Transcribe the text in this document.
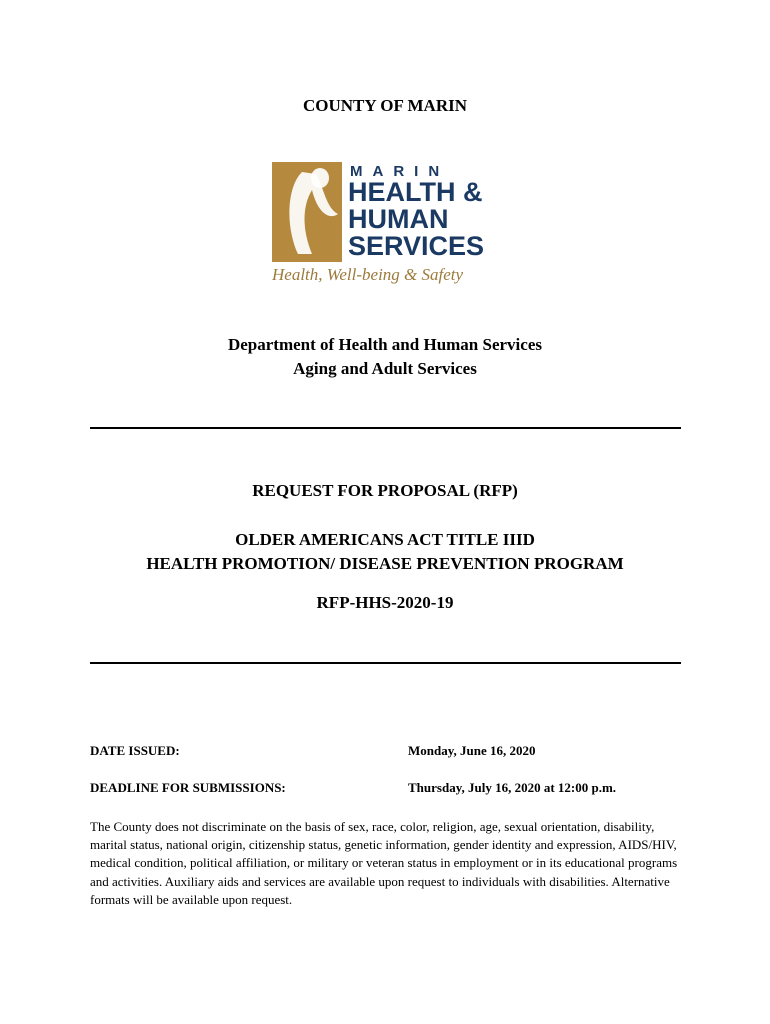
COUNTY OF MARIN
MARIN
HEALTH &
HUMAN
SERVICES
Health, Well-being & Safety
Department of Health and Human Services
Aging and Adult Services
REQUEST FOR PROPOSAL (RFP)
OLDER AMERICANS ACT TITLE IIID
HEALTH PROMOTION/ DISEASE PREVENTION PROGRAM
RFP-HHS-2020-19
DATE ISSUED:	Monday, June 16, 2020
DEADLINE FOR SUBMISSIONS:	Thursday, July 16, 2020 at 12:00 p.m.
The County does not discriminate on the basis of sex, race, color, religion, age, sexual orientation, disability, marital status, national origin, citizenship status, genetic information, gender identity and expression, AIDS/HIV, medical condition, political affiliation, or military or veteran status in employment or in its educational programs and activities. Auxiliary aids and services are available upon request to individuals with disabilities. Alternative formats will be available upon request.
